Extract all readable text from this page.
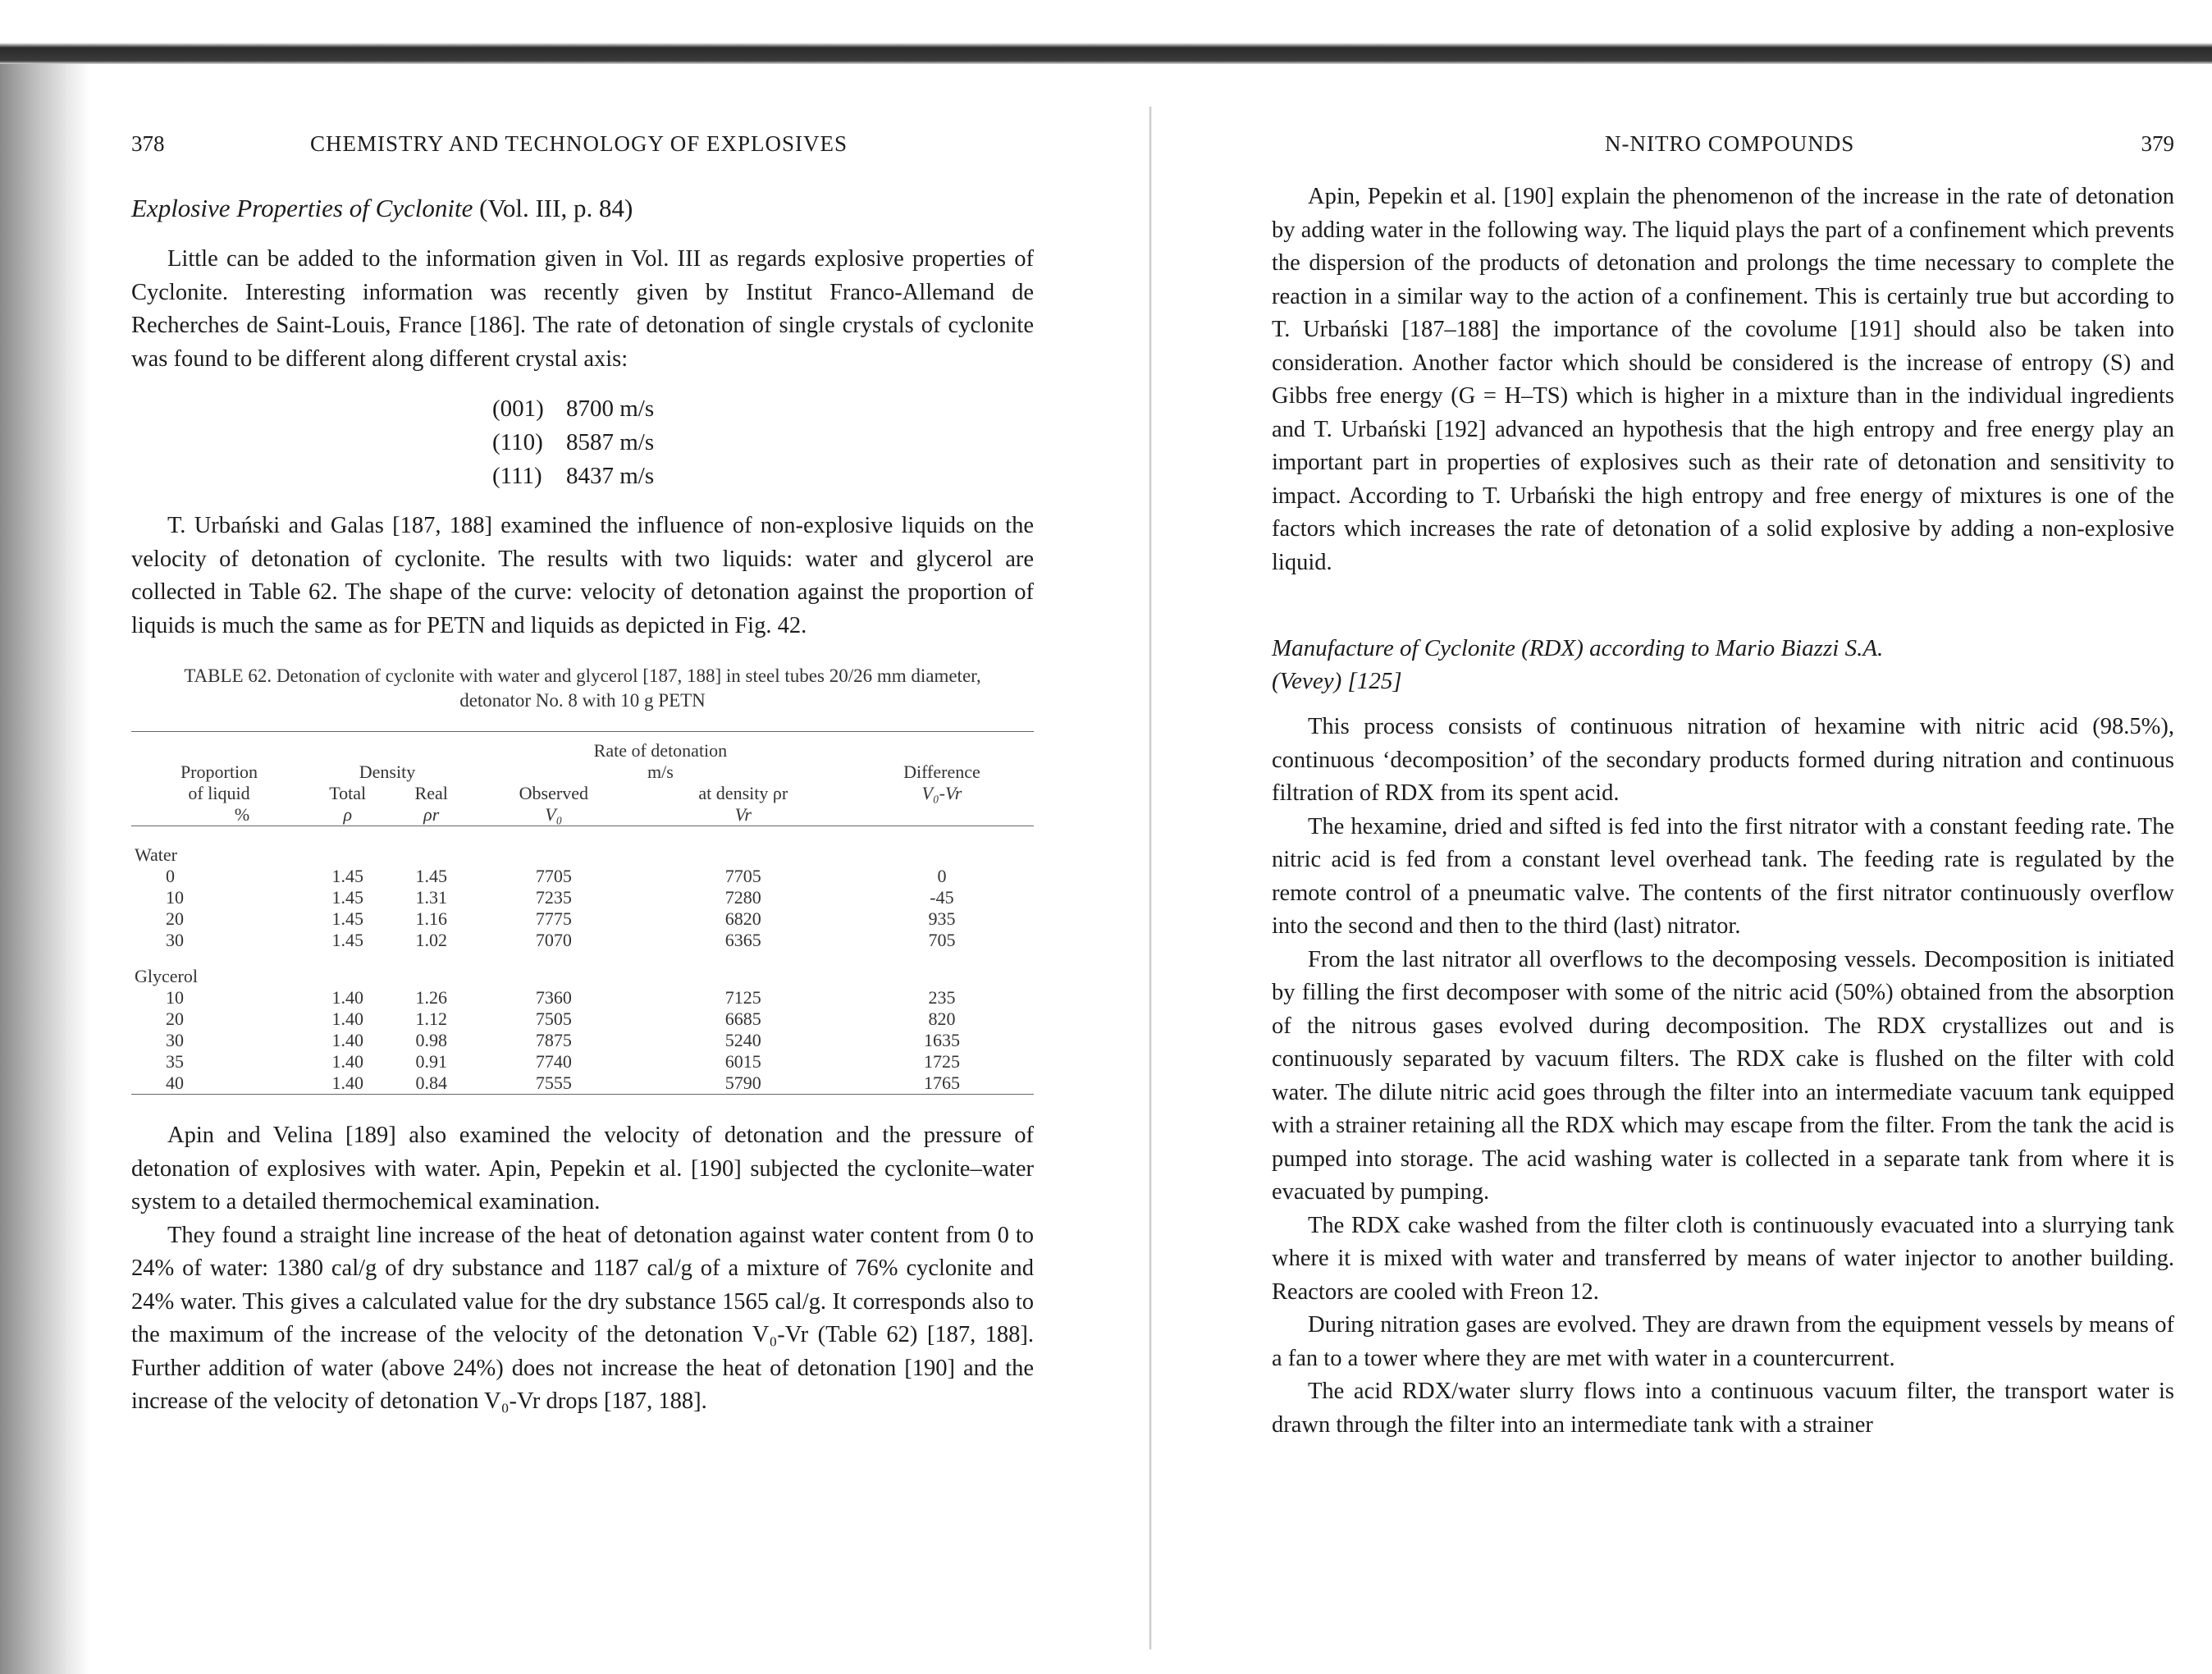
378	CHEMISTRY AND TECHNOLOGY OF EXPLOSIVES
Explosive Properties of Cyclonite (Vol. III, p. 84)

Little can be added to the information given in Vol. III as regards explosive properties of Cyclonite. Interesting information was recently given by Institut Franco-Allemand de Recherches de Saint-Louis, France [186]. The rate of detonation of single crystals of cyclonite was found to be different along different crystal axis:

(001) 8700 m/s
(110) 8587 m/s
(111) 8437 m/s

T. Urbański and Galas [187, 188] examined the influence of non-explosive liquids on the velocity of detonation of cyclonite. The results with two liquids: water and glycerol are collected in Table 62. The shape of the curve: velocity of detonation against the proportion of liquids is much the same as for PETN and liquids as depicted in Fig. 42.

TABLE 62. Detonation of cyclonite with water and glycerol [187, 188] in steel tubes 20/26 mm diameter, detonator No. 8 with 10 g PETN

			Rate of detonation		
Proportion	Density		m/s		Difference
of liquid	Total	Real	Observed	at density ρr	V₀-Vr
%	ρ	ρr	V₀	Vr	

Water					
0	1.45	1.45	7705	7705	0
10	1.45	1.31	7235	7280	-45
20	1.45	1.16	7775	6820	935
30	1.45	1.02	7070	6365	705
Glycerol					
10	1.40	1.26	7360	7125	235
20	1.40	1.12	7505	6685	820
30	1.40	0.98	7875	5240	1635
35	1.40	0.91	7740	6015	1725
40	1.40	0.84	7555	5790	1765

Apin and Velina [189] also examined the velocity of detonation and the pressure of detonation of explosives with water. Apin, Pepekin et al. [190] subjected the cyclonite–water system to a detailed thermochemical examination.

They found a straight line increase of the heat of detonation against water content from 0 to 24% of water: 1380 cal/g of dry substance and 1187 cal/g of a mixture of 76% cyclonite and 24% water. This gives a calculated value for the dry substance 1565 cal/g. It corresponds also to the maximum of the increase of the velocity of the detonation V₀-Vr (Table 62) [187, 188]. Further addition of water (above 24%) does not increase the heat of detonation [190] and the increase of the velocity of detonation V₀-Vr drops [187, 188].

N-NITRO COMPOUNDS	379

Apin, Pepekin et al. [190] explain the phenomenon of the increase in the rate of detonation by adding water in the following way. The liquid plays the part of a confinement which prevents the dispersion of the products of detonation and prolongs the time necessary to complete the reaction in a similar way to the action of a confinement. This is certainly true but according to T. Urbański [187–188] the importance of the covolume [191] should also be taken into consideration. Another factor which should be considered is the increase of entropy (S) and Gibbs free energy (G = H–TS) which is higher in a mixture than in the individual ingredients and T. Urbański [192] advanced an hypothesis that the high entropy and free energy play an important part in properties of explosives such as their rate of detonation and sensitivity to impact. According to T. Urbański the high entropy and free energy of mixtures is one of the factors which increases the rate of detonation of a solid explosive by adding a non-explosive liquid.

Manufacture of Cyclonite (RDX) according to Mario Biazzi S.A.
(Vevey) [125]

This process consists of continuous nitration of hexamine with nitric acid (98.5%), continuous ‘decomposition’ of the secondary products formed during nitration and continuous filtration of RDX from its spent acid.

The hexamine, dried and sifted is fed into the first nitrator with a constant feeding rate. The nitric acid is fed from a constant level overhead tank. The feeding rate is regulated by the remote control of a pneumatic valve. The contents of the first nitrator continuously overflow into the second and then to the third (last) nitrator.

From the last nitrator all overflows to the decomposing vessels. Decomposition is initiated by filling the first decomposer with some of the nitric acid (50%) obtained from the absorption of the nitrous gases evolved during decomposition. The RDX crystallizes out and is continuously separated by vacuum filters. The RDX cake is flushed on the filter with cold water. The dilute nitric acid goes through the filter into an intermediate vacuum tank equipped with a strainer retaining all the RDX which may escape from the filter. From the tank the acid is pumped into storage. The acid washing water is collected in a separate tank from where it is evacuated by pumping.

The RDX cake washed from the filter cloth is continuously evacuated into a slurrying tank where it is mixed with water and transferred by means of water injector to another building. Reactors are cooled with Freon 12.

During nitration gases are evolved. They are drawn from the equipment vessels by means of a fan to a tower where they are met with water in a countercurrent.

The acid RDX/water slurry flows into a continuous vacuum filter, the transport water is drawn through the filter into an intermediate tank with a strainer
